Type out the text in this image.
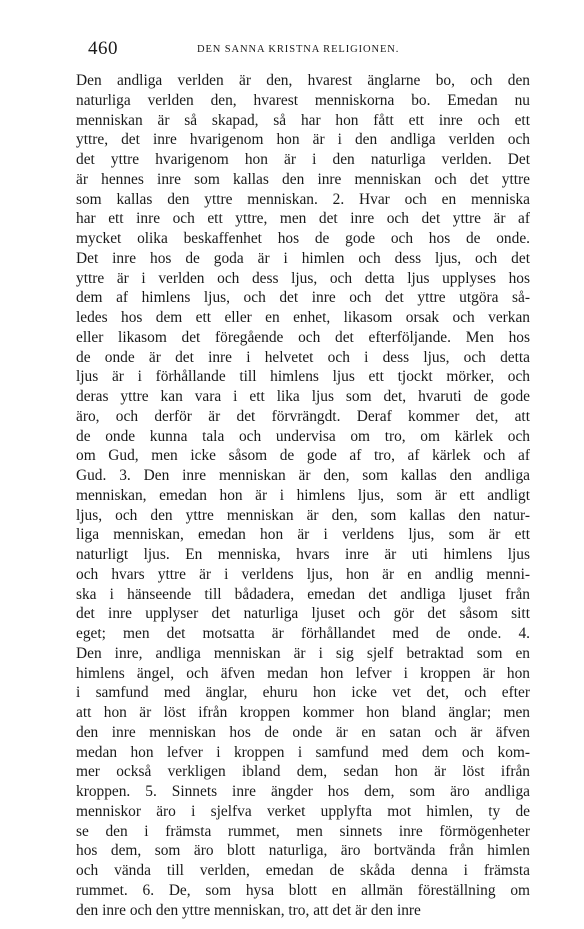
460	DEN SANNA KRISTNA RELIGIONEN.
Den andliga verlden är den, hvarest änglarne bo, och den
naturliga verlden den, hvarest menniskorna bo. Emedan nu
menniskan är så skapad, så har hon fått ett inre och ett
yttre, det inre hvarigenom hon är i den andliga verlden och
det yttre hvarigenom hon är i den naturliga verlden. Det
är hennes inre som kallas den inre menniskan och det yttre
som kallas den yttre menniskan. 2. Hvar och en menniska
har ett inre och ett yttre, men det inre och det yttre är af
mycket olika beskaffenhet hos de gode och hos de onde.
Det inre hos de goda är i himlen och dess ljus, och det
yttre är i verlden och dess ljus, och detta ljus upplyses hos
dem af himlens ljus, och det inre och det yttre utgöra så-
ledes hos dem ett eller en enhet, likasom orsak och verkan
eller likasom det föregående och det efterföljande. Men hos
de onde är det inre i helvetet och i dess ljus, och detta
ljus är i förhållande till himlens ljus ett tjockt mörker, och
deras yttre kan vara i ett lika ljus som det, hvaruti de gode
äro, och derför är det förvrängdt. Deraf kommer det, att
de onde kunna tala och undervisa om tro, om kärlek och
om Gud, men icke såsom de gode af tro, af kärlek och af
Gud. 3. Den inre menniskan är den, som kallas den andliga
menniskan, emedan hon är i himlens ljus, som är ett andligt
ljus, och den yttre menniskan är den, som kallas den natur-
liga menniskan, emedan hon är i verldens ljus, som är ett
naturligt ljus. En menniska, hvars inre är uti himlens ljus
och hvars yttre är i verldens ljus, hon är en andlig menni-
ska i hänseende till bådadera, emedan det andliga ljuset från
det inre upplyser det naturliga ljuset och gör det såsom sitt
eget; men det motsatta är förhållandet med de onde. 4.
Den inre, andliga menniskan är i sig sjelf betraktad som en
himlens ängel, och äfven medan hon lefver i kroppen är hon
i samfund med änglar, ehuru hon icke vet det, och efter
att hon är löst ifrån kroppen kommer hon bland änglar; men
den inre menniskan hos de onde är en satan och är äfven
medan hon lefver i kroppen i samfund med dem och kom-
mer också verkligen ibland dem, sedan hon är löst ifrån
kroppen. 5. Sinnets inre ängder hos dem, som äro andliga
menniskor äro i sjelfva verket upplyfta mot himlen, ty de
se den i främsta rummet, men sinnets inre förmögenheter
hos dem, som äro blott naturliga, äro bortvända från himlen
och vända till verlden, emedan de skåda denna i främsta
rummet. 6. De, som hysa blott en allmän föreställning om
den inre och den yttre menniskan, tro, att det är den inre
